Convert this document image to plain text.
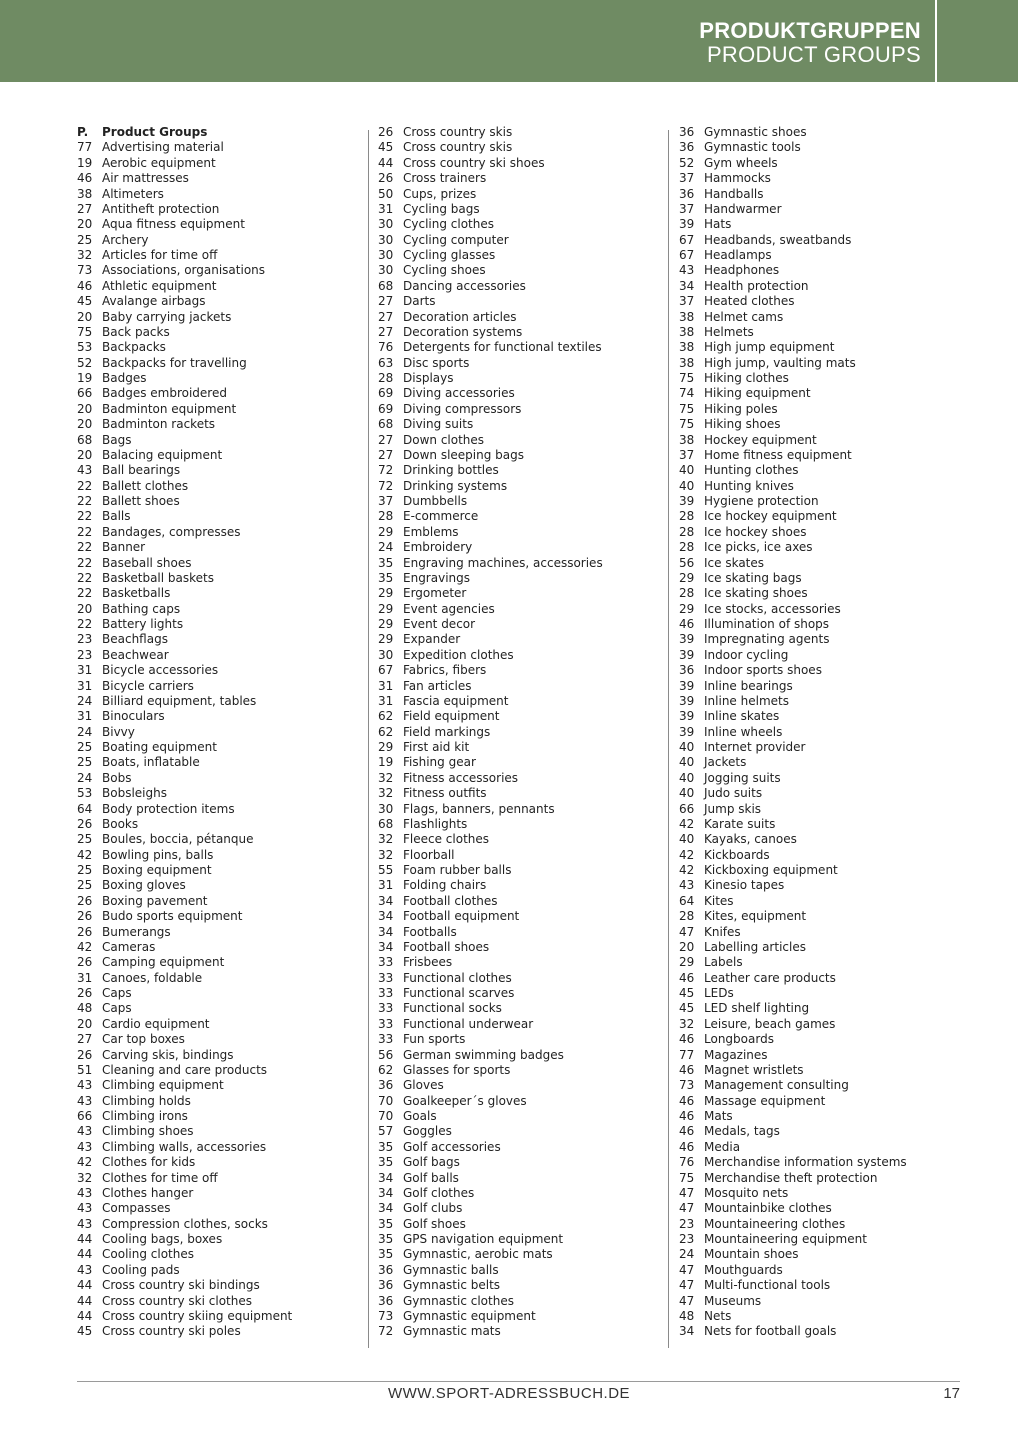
PRODUKTGRUPPEN
PRODUCT GROUPS
P. Product Groups
77 Advertising material
19 Aerobic equipment
46 Air mattresses
38 Altimeters
27 Antitheft protection
20 Aqua fitness equipment
25 Archery
32 Articles for time off
73 Associations, organisations
46 Athletic equipment
45 Avalange airbags
20 Baby carrying jackets
75 Back packs
53 Backpacks
52 Backpacks for travelling
19 Badges
66 Badges embroidered
20 Badminton equipment
20 Badminton rackets
68 Bags
20 Balacing equipment
43 Ball bearings
22 Ballett clothes
22 Ballett shoes
22 Balls
22 Bandages, compresses
22 Banner
22 Baseball shoes
22 Basketball baskets
22 Basketballs
20 Bathing caps
22 Battery lights
23 Beachflags
23 Beachwear
31 Bicycle accessories
31 Bicycle carriers
24 Billiard equipment, tables
31 Binoculars
24 Bivvy
25 Boating equipment
25 Boats, inflatable
24 Bobs
53 Bobsleighs
64 Body protection items
26 Books
25 Boules, boccia, pétanque
42 Bowling pins, balls
25 Boxing equipment
25 Boxing gloves
26 Boxing pavement
26 Budo sports equipment
26 Bumerangs
42 Cameras
26 Camping equipment
31 Canoes, foldable
26 Caps
48 Caps
20 Cardio equipment
27 Car top boxes
26 Carving skis, bindings
51 Cleaning and care products
43 Climbing equipment
43 Climbing holds
66 Climbing irons
43 Climbing shoes
43 Climbing walls, accessories
42 Clothes for kids
32 Clothes for time off
43 Clothes hanger
43 Compasses
43 Compression clothes, socks
44 Cooling bags, boxes
44 Cooling clothes
43 Cooling pads
44 Cross country ski bindings
44 Cross country ski clothes
44 Cross country skiing equipment
45 Cross country ski poles
26 Cross country skis
45 Cross country skis
44 Cross country ski shoes
26 Cross trainers
50 Cups, prizes
31 Cycling bags
30 Cycling clothes
30 Cycling computer
30 Cycling glasses
30 Cycling shoes
68 Dancing accessories
27 Darts
27 Decoration articles
27 Decoration systems
76 Detergents for functional textiles
63 Disc sports
28 Displays
69 Diving accessories
69 Diving compressors
68 Diving suits
27 Down clothes
27 Down sleeping bags
72 Drinking bottles
72 Drinking systems
37 Dumbbells
28 E-commerce
29 Emblems
24 Embroidery
35 Engraving machines, accessories
35 Engravings
29 Ergometer
29 Event agencies
29 Event decor
29 Expander
30 Expedition clothes
67 Fabrics, fibers
31 Fan articles
31 Fascia equipment
62 Field equipment
62 Field markings
29 First aid kit
19 Fishing gear
32 Fitness accessories
32 Fitness outfits
30 Flags, banners, pennants
68 Flashlights
32 Fleece clothes
32 Floorball
55 Foam rubber balls
31 Folding chairs
34 Football clothes
34 Football equipment
34 Footballs
34 Football shoes
33 Frisbees
33 Functional clothes
33 Functional scarves
33 Functional socks
33 Functional underwear
33 Fun sports
56 German swimming badges
62 Glasses for sports
36 Gloves
70 Goalkeeper´s gloves
70 Goals
57 Goggles
35 Golf accessories
35 Golf bags
34 Golf balls
34 Golf clothes
34 Golf clubs
35 Golf shoes
35 GPS navigation equipment
35 Gymnastic, aerobic mats
36 Gymnastic balls
36 Gymnastic belts
36 Gymnastic clothes
73 Gymnastic equipment
72 Gymnastic mats
36 Gymnastic shoes
36 Gymnastic tools
52 Gym wheels
37 Hammocks
36 Handballs
37 Handwarmer
39 Hats
67 Headbands, sweatbands
67 Headlamps
43 Headphones
34 Health protection
37 Heated clothes
38 Helmet cams
38 Helmets
38 High jump equipment
38 High jump, vaulting mats
75 Hiking clothes
74 Hiking equipment
75 Hiking poles
75 Hiking shoes
38 Hockey equipment
37 Home fitness equipment
40 Hunting clothes
40 Hunting knives
39 Hygiene protection
28 Ice hockey equipment
28 Ice hockey shoes
28 Ice picks, ice axes
56 Ice skates
29 Ice skating bags
28 Ice skating shoes
29 Ice stocks, accessories
46 Illumination of shops
39 Impregnating agents
39 Indoor cycling
36 Indoor sports shoes
39 Inline bearings
39 Inline helmets
39 Inline skates
39 Inline wheels
40 Internet provider
40 Jackets
40 Jogging suits
40 Judo suits
66 Jump skis
42 Karate suits
40 Kayaks, canoes
42 Kickboards
42 Kickboxing equipment
43 Kinesio tapes
64 Kites
28 Kites, equipment
47 Knifes
20 Labelling articles
29 Labels
46 Leather care products
45 LEDs
45 LED shelf lighting
32 Leisure, beach games
46 Longboards
77 Magazines
46 Magnet wristlets
73 Management consulting
46 Massage equipment
46 Mats
46 Medals, tags
46 Media
76 Merchandise information systems
75 Merchandise theft protection
47 Mosquito nets
47 Mountainbike clothes
23 Mountaineering clothes
23 Mountaineering equipment
24 Mountain shoes
47 Mouthguards
47 Multi-functional tools
47 Museums
48 Nets
34 Nets for football goals
WWW.SPORT-ADRESSBUCH.DE	17
